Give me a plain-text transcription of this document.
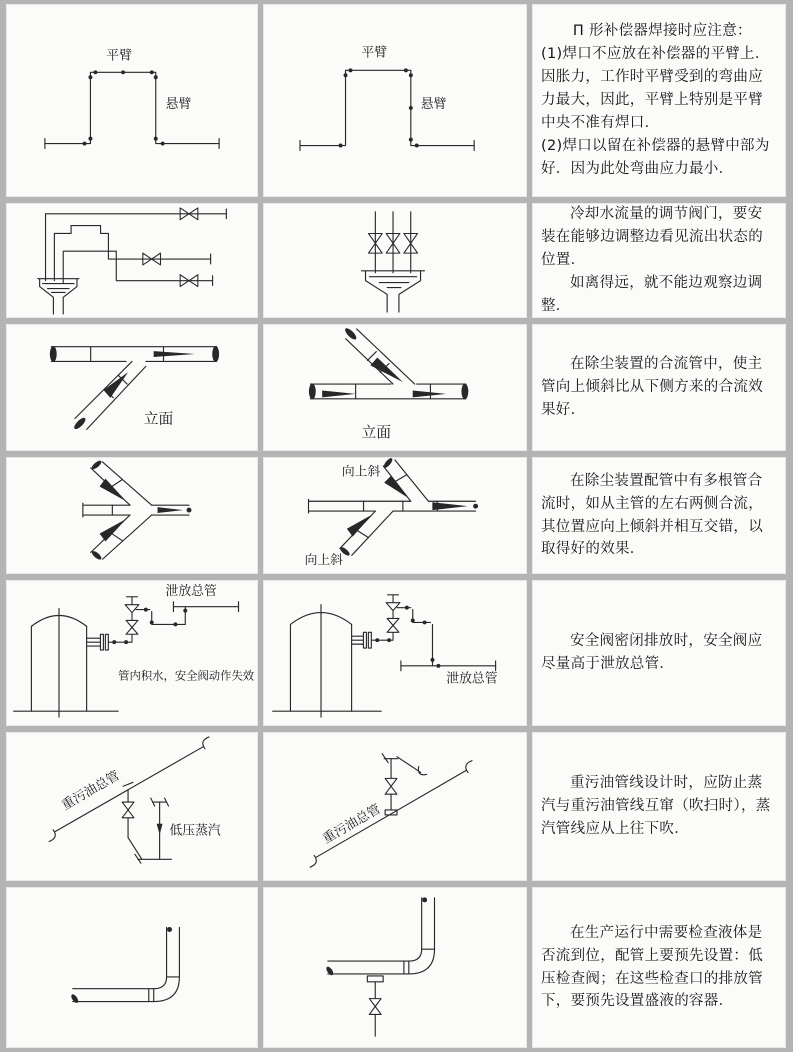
平臂
悬臂
平臂
悬臂

Π 形补偿器焊接时应注意：

(1)焊口不应放在补偿器的平臂上．因胀力，工作时平臂受到的弯曲应力最大，因此，平臂上特别是平臂中央不准有焊口．

(2)焊口以留在补偿器的悬臂中部为好．因为此处弯曲应力最小．

冷却水流量的调节阀门，要安装在能够边调整边看见流出状态的位置．

如离得远，就不能边观察边调整．

立面
立面

在除尘装置的合流管中，使主管向上倾斜比从下侧方来的合流效果好．

向上斜
向上斜

在除尘装置配管中有多根管合流时，如从主管的左右两侧合流，其位置应向上倾斜并相互交错，以取得好的效果．

泄放总管
管内积水，安全阀动作失效	泄放总管

安全阀密闭排放时，安全阀应尽量高于泄放总管．

重污油总管
低压蒸汽	重污油总管

重污油管线设计时，应防止蒸汽与重污油管线互窜（吹扫时），蒸汽管线应从上往下吹．

在生产运行中需要检查液体是否流到位，配管上要预先设置：低压检查阀；在这些检查口的排放管下，要预先设置盛液的容器．
